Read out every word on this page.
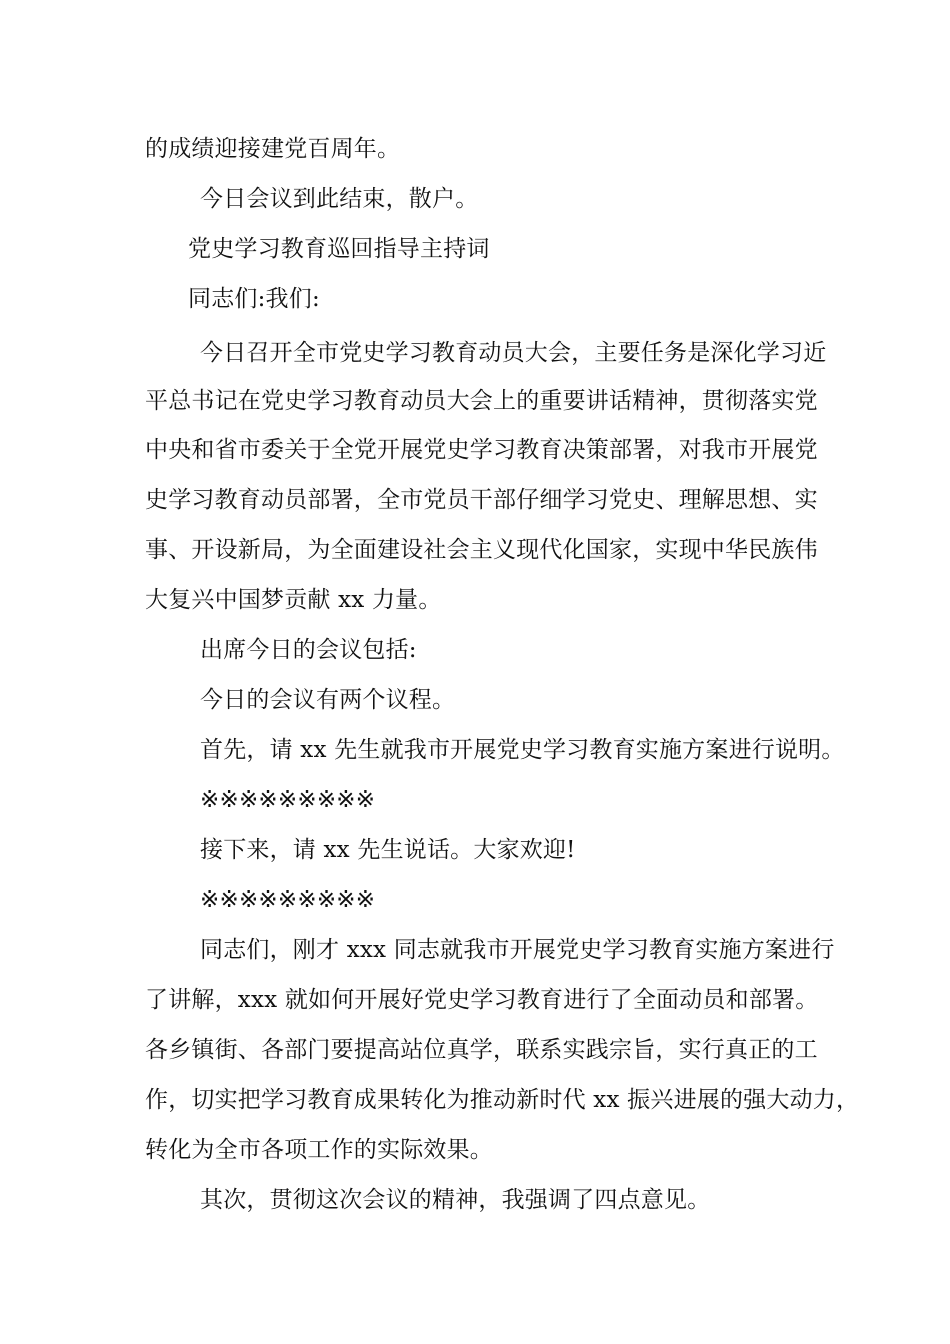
的成绩迎接建党百周年。
今日会议到此结束，散户。
党史学习教育巡回指导主持词
同志们:我们:
今日召开全市党史学习教育动员大会，主要任务是深化学习近
平总书记在党史学习教育动员大会上的重要讲话精神，贯彻落实党
中央和省市委关于全党开展党史学习教育决策部署，对我市开展党
史学习教育动员部署，全市党员干部仔细学习党史、理解思想、实
事、开设新局，为全面建设社会主义现代化国家，实现中华民族伟
大复兴中国梦贡献 xx 力量。
出席今日的会议包括:
今日的会议有两个议程。
首先，请 xx 先生就我市开展党史学习教育实施方案进行说明。
※※※※※※※※※
接下来，请 xx 先生说话。大家欢迎!
※※※※※※※※※
同志们，刚才 xxx 同志就我市开展党史学习教育实施方案进行
了讲解，xxx 就如何开展好党史学习教育进行了全面动员和部署。
各乡镇街、各部门要提高站位真学，联系实践宗旨，实行真正的工
作，切实把学习教育成果转化为推动新时代 xx 振兴进展的强大动力，
转化为全市各项工作的实际效果。
其次，贯彻这次会议的精神，我强调了四点意见。
